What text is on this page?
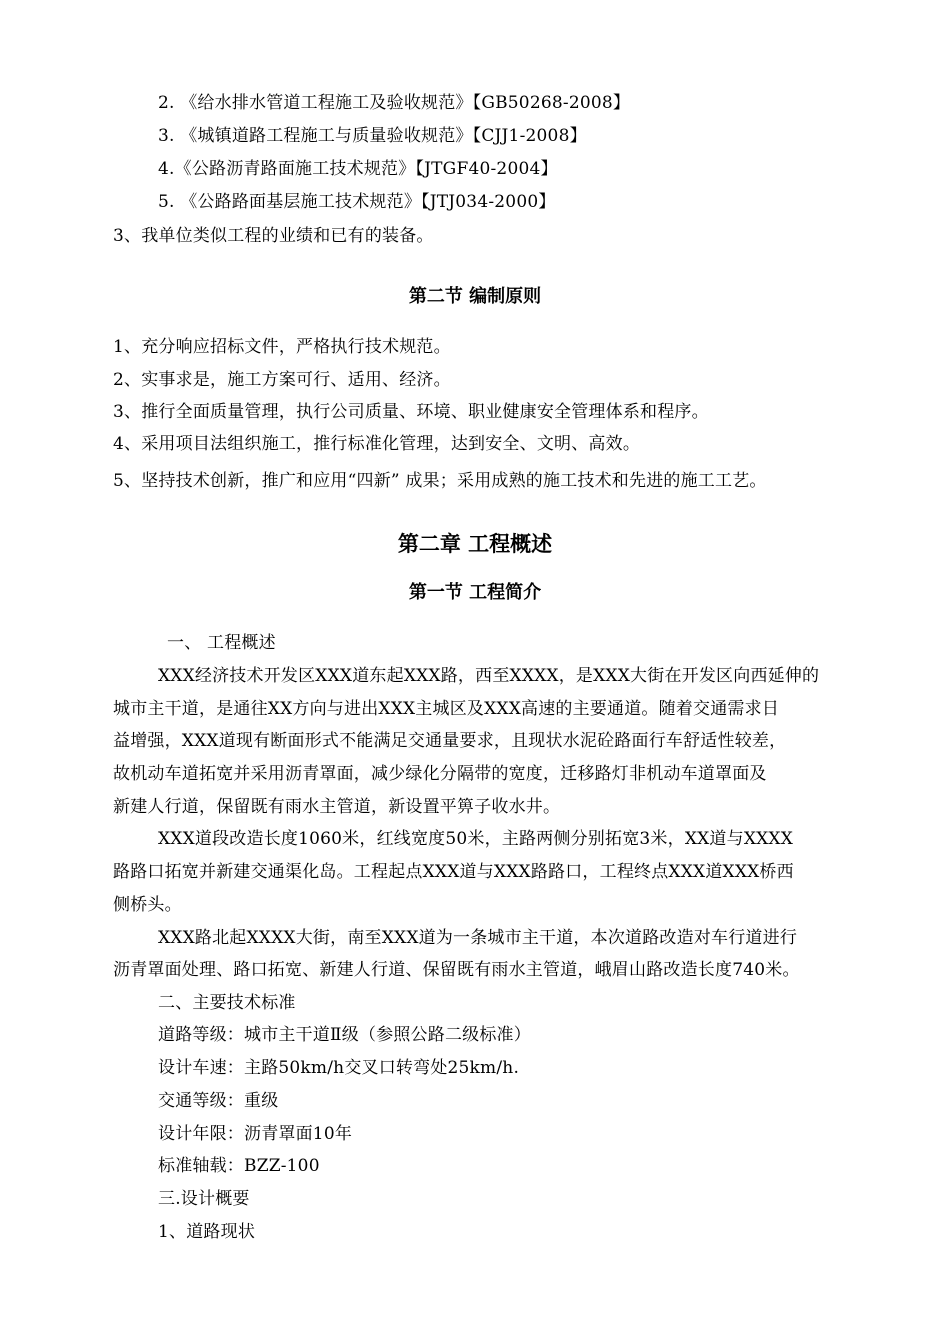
2. 《给水排水管道工程施工及验收规范》【GB50268-2008】
3. 《城镇道路工程施工与质量验收规范》【CJJ1-2008】
4.《公路沥青路面施工技术规范》【JTGF40-2004】
5. 《公路路面基层施工技术规范》【JTJ034-2000】
3、我单位类似工程的业绩和已有的装备。
第二节 编制原则
1、充分响应招标文件，严格执行技术规范。
2、实事求是，施工方案可行、适用、经济。
3、推行全面质量管理，执行公司质量、环境、职业健康安全管理体系和程序。
4、采用项目法组织施工，推行标准化管理，达到安全、文明、高效。
5、坚持技术创新，推广和应用“四新” 成果；采用成熟的施工技术和先进的施工工艺。
第二章 工程概述
第一节 工程简介
一、 工程概述
XXX经济技术开发区XXX道东起XXX路，西至XXXX，是XXX大街在开发区向西延伸的
城市主干道，是通往XX方向与进出XXX主城区及XXX高速的主要通道。随着交通需求日
益增强，XXX道现有断面形式不能满足交通量要求，且现状水泥砼路面行车舒适性较差，
故机动车道拓宽并采用沥青罩面，减少绿化分隔带的宽度，迁移路灯非机动车道罩面及
新建人行道，保留既有雨水主管道，新设置平箅子收水井。
XXX道段改造长度1060米，红线宽度50米，主路两侧分别拓宽3米，XX道与XXXX
路路口拓宽并新建交通渠化岛。工程起点XXX道与XXX路路口，工程终点XXX道XXX桥西
侧桥头。
XXX路北起XXXX大街，南至XXX道为一条城市主干道，本次道路改造对车行道进行
沥青罩面处理、路口拓宽、新建人行道、保留既有雨水主管道，峨眉山路改造长度740米。
二、主要技术标准
道路等级：城市主干道Ⅱ级（参照公路二级标准）
设计车速：主路50km/h交叉口转弯处25km/h.
交通等级：重级
设计年限：沥青罩面10年
标准轴载：BZZ-100
三.设计概要
1、道路现状
